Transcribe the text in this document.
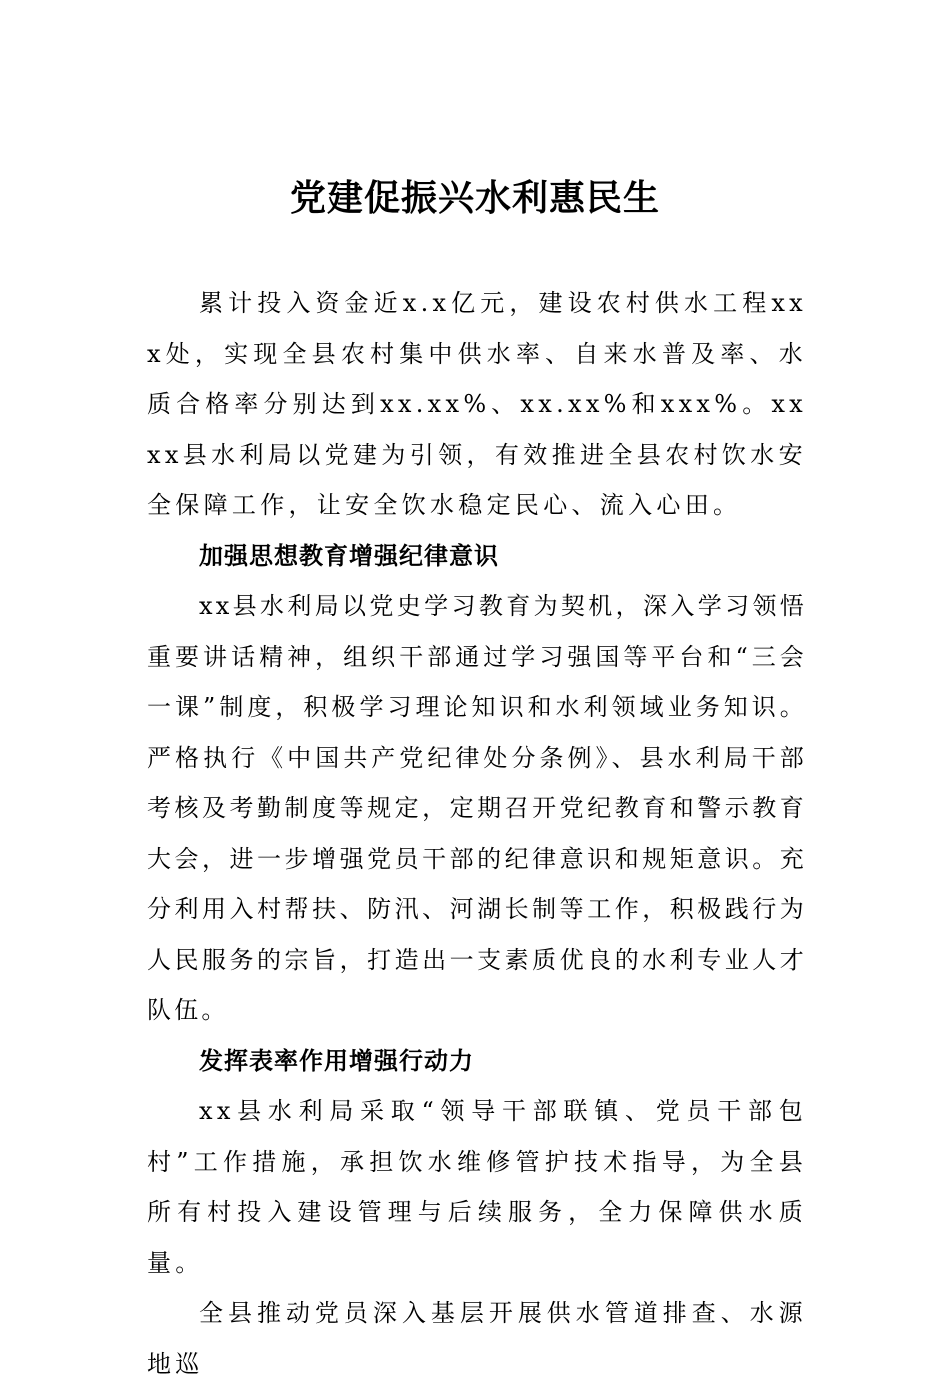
党建促振兴水利惠民生

累计投入资金近x.x亿元，建设农村供水工程xxx处，实现全县农村集中供水率、自来水普及率、水质合格率分别达到xx.xx%、xx.xx%和xxx%。xxxx县水利局以党建为引领，有效推进全县农村饮水安全保障工作，让安全饮水稳定民心、流入心田。

加强思想教育增强纪律意识

xx县水利局以党史学习教育为契机，深入学习领悟重要讲话精神，组织干部通过学习强国等平台和“三会一课”制度，积极学习理论知识和水利领域业务知识。严格执行《中国共产党纪律处分条例》、县水利局干部考核及考勤制度等规定，定期召开党纪教育和警示教育大会，进一步增强党员干部的纪律意识和规矩意识。充分利用入村帮扶、防汛、河湖长制等工作，积极践行为人民服务的宗旨，打造出一支素质优良的水利专业人才队伍。

发挥表率作用增强行动力

xx县水利局采取“领导干部联镇、党员干部包村”工作措施，承担饮水维修管护技术指导，为全县所有村投入建设管理与后续服务，全力保障供水质量。

全县推动党员深入基层开展供水管道排查、水源地巡
